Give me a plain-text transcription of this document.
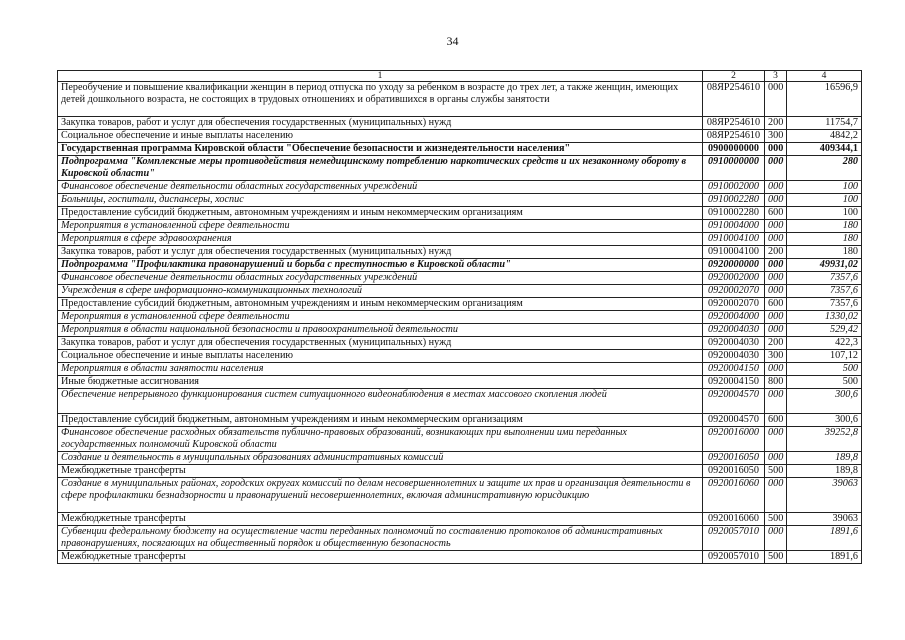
34
1	2	3	4
Переобучение и повышение квалификации женщин в период отпуска по уходу за ребенком в возрасте до трех лет, а также женщин, имеющих детей дошкольного возраста, не состоящих в трудовых отношениях и обратившихся в органы службы занятости	08ЯР254610	000	16596,9
Закупка товаров, работ и услуг для обеспечения государственных (муниципальных) нужд	08ЯР254610	200	11754,7
Социальное обеспечение и иные выплаты населению	08ЯР254610	300	4842,2
Государственная программа Кировской области "Обеспечение безопасности и жизнедеятельности населения"	0900000000	000	409344,1
Подпрограмма "Комплексные меры противодействия немедицинскому потреблению наркотических средств и их незаконному обороту в Кировской области"	0910000000	000	280
Финансовое обеспечение деятельности областных государственных учреждений	0910002000	000	100
Больницы, госпитали, диспансеры, хоспис	0910002280	000	100
Предоставление субсидий бюджетным, автономным учреждениям и иным некоммерческим организациям	0910002280	600	100
Мероприятия в установленной сфере деятельности	0910004000	000	180
Мероприятия в сфере здравоохранения	0910004100	000	180
Закупка товаров, работ и услуг для обеспечения государственных (муниципальных) нужд	0910004100	200	180
Подпрограмма "Профилактика правонарушений и борьба с преступностью в Кировской области"	0920000000	000	49931,02
Финансовое обеспечение деятельности областных государственных учреждений	0920002000	000	7357,6
Учреждения в сфере информационно-коммуникационных технологий	0920002070	000	7357,6
Предоставление субсидий бюджетным, автономным учреждениям и иным некоммерческим организациям	0920002070	600	7357,6
Мероприятия в установленной сфере деятельности	0920004000	000	1330,02
Мероприятия в области национальной безопасности и правоохранительной деятельности	0920004030	000	529,42
Закупка товаров, работ и услуг для обеспечения государственных (муниципальных) нужд	0920004030	200	422,3
Социальное обеспечение и иные выплаты населению	0920004030	300	107,12
Мероприятия в области занятости населения	0920004150	000	500
Иные бюджетные ассигнования	0920004150	800	500
Обеспечение непрерывного функционирования систем ситуационного видеонаблюдения в местах массового скопления людей	0920004570	000	300,6
Предоставление субсидий бюджетным, автономным учреждениям и иным некоммерческим организациям	0920004570	600	300,6
Финансовое обеспечение расходных обязательств публично-правовых образований, возникающих при выполнении ими переданных государственных полномочий Кировской области	0920016000	000	39252,8
Создание и деятельность в муниципальных образованиях административных комиссий	0920016050	000	189,8
Межбюджетные трансферты	0920016050	500	189,8
Создание в муниципальных районах, городских округах комиссий по делам несовершеннолетних и защите их прав и организация деятельности в сфере профилактики безнадзорности и правонарушений несовершеннолетних, включая административную юрисдикцию	0920016060	000	39063
Межбюджетные трансферты	0920016060	500	39063
Субвенции федеральному бюджету на осуществление части переданных полномочий по составлению протоколов об административных правонарушениях, посягающих на общественный порядок и общественную безопасность	0920057010	000	1891,6
Межбюджетные трансферты	0920057010	500	1891,6
